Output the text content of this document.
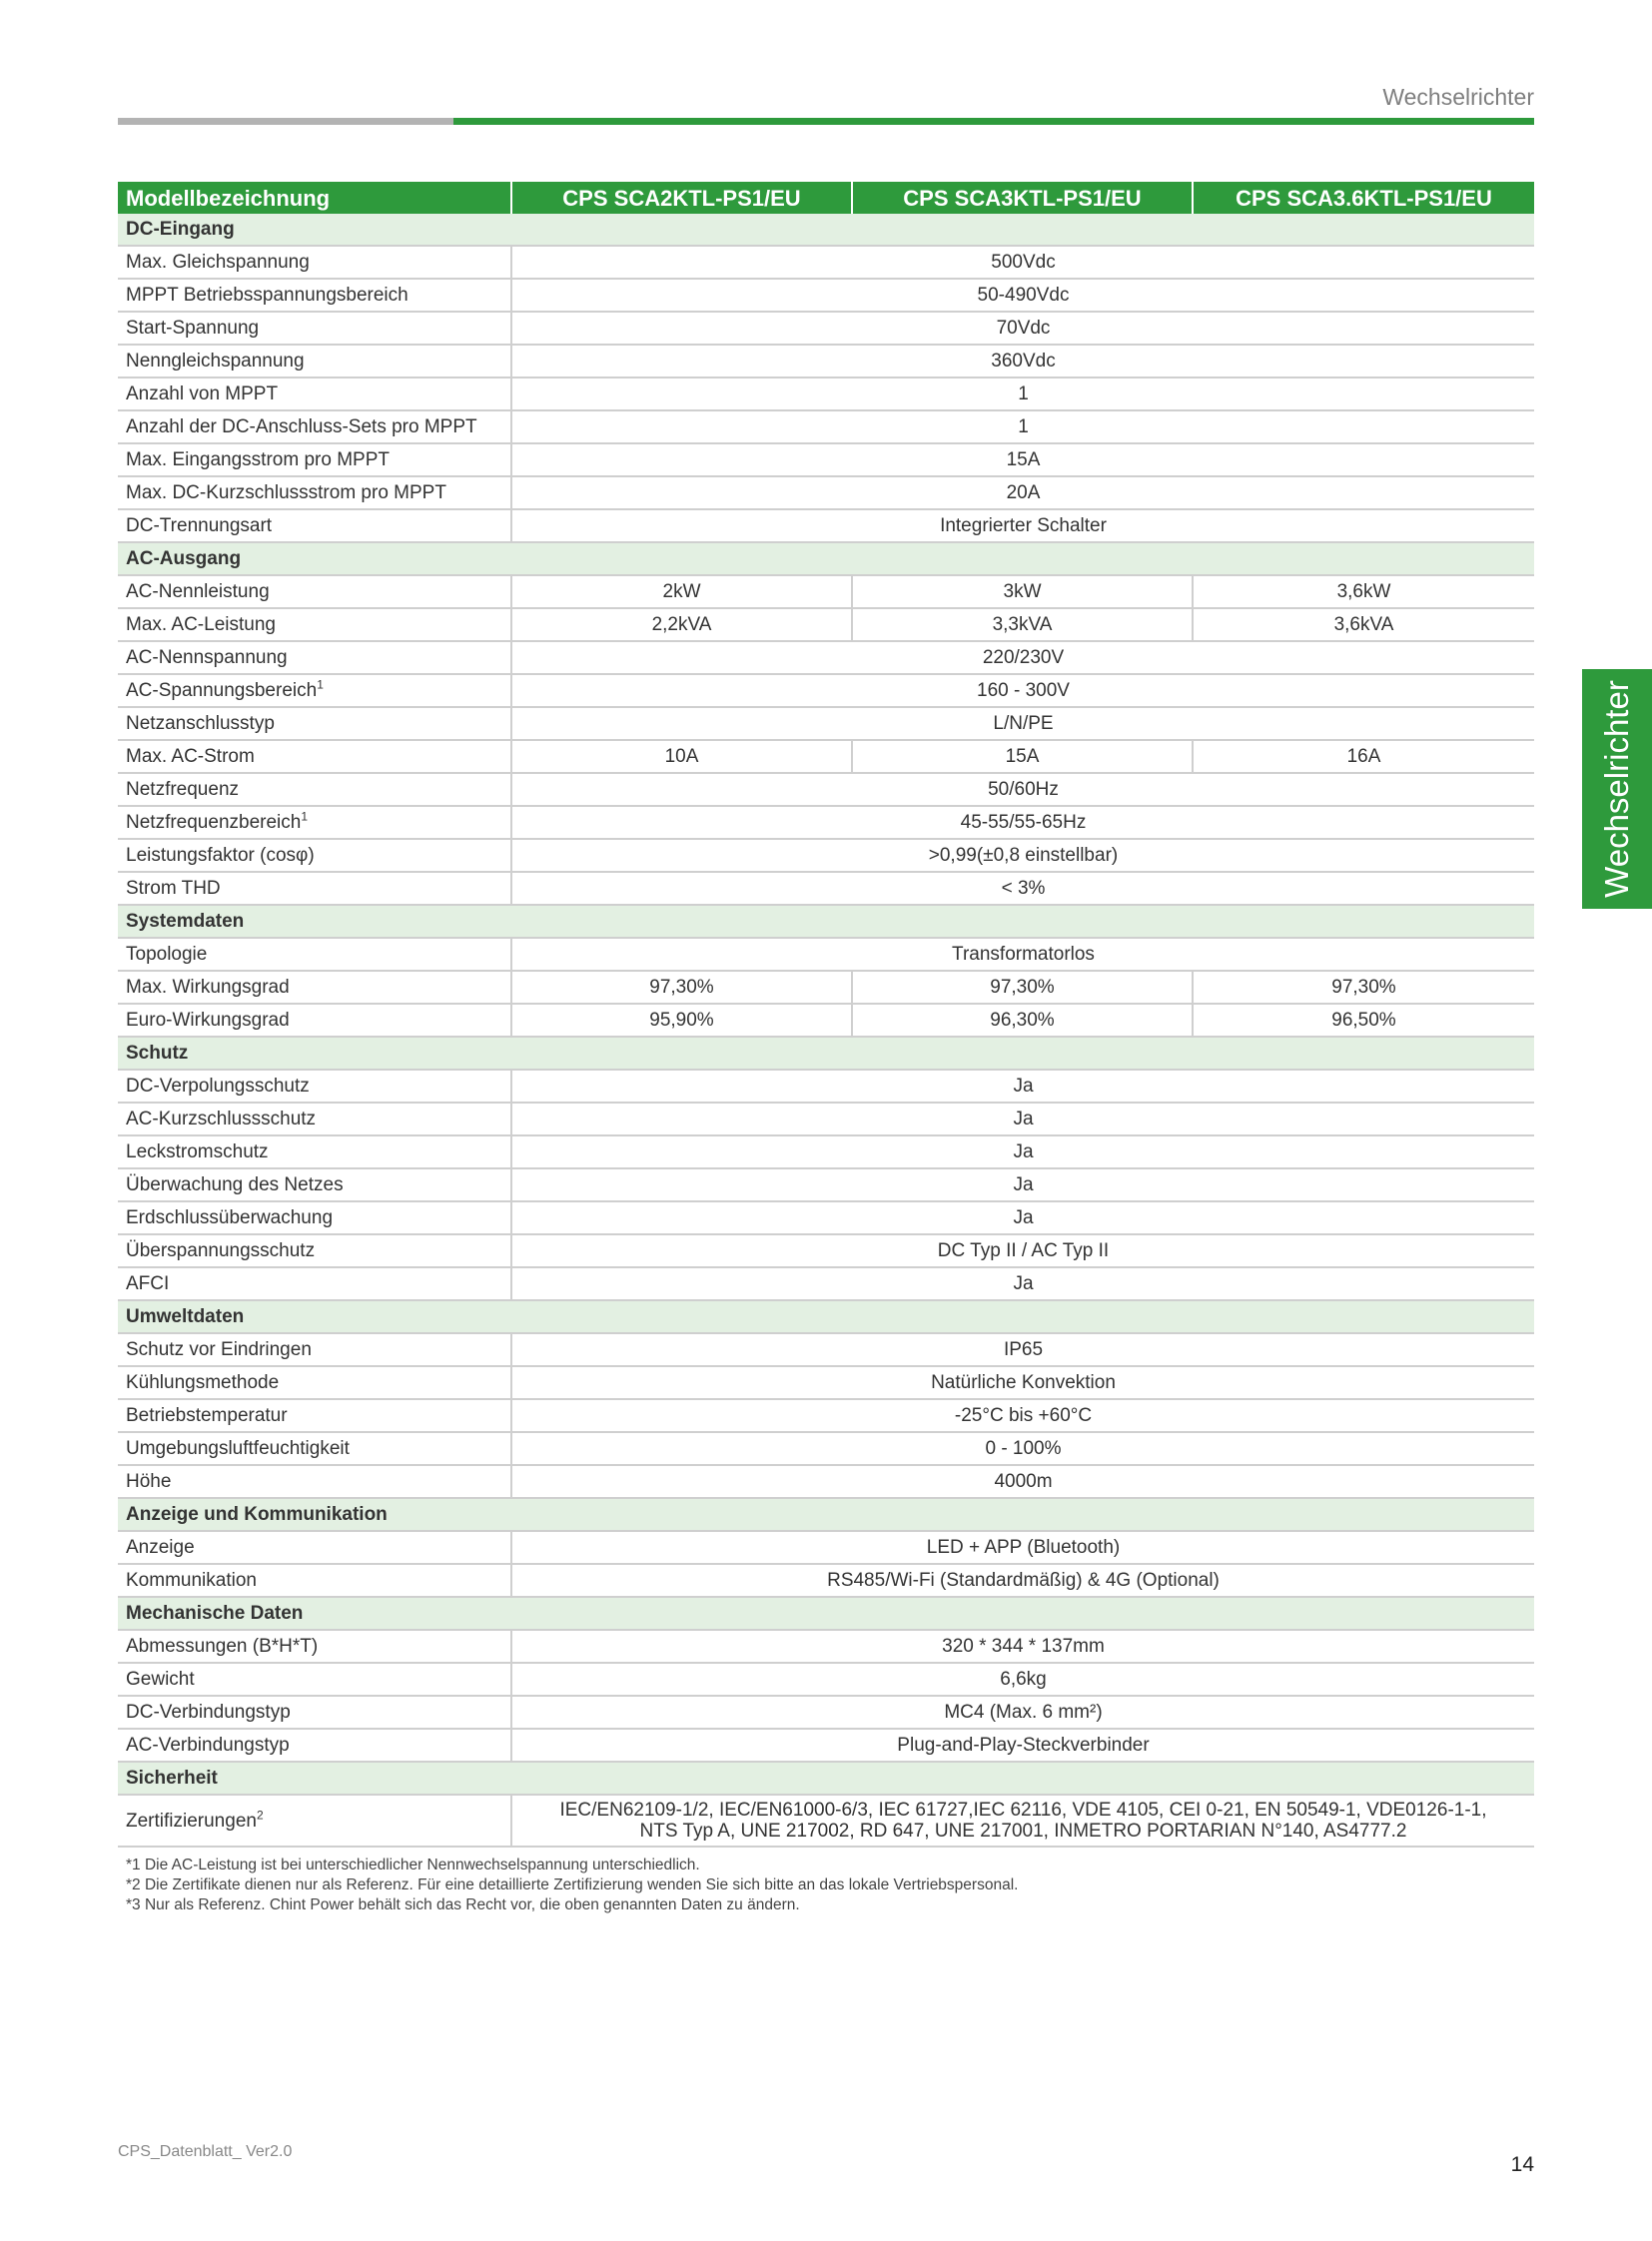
Wechselrichter
Wechselrichter
Modellbezeichnung	CPS SCA2KTL-PS1/EU	CPS SCA3KTL-PS1/EU	CPS SCA3.6KTL-PS1/EU
DC-Eingang			
Max. Gleichspannung	500Vdc		
MPPT Betriebsspannungsbereich	50-490Vdc		
Start-Spannung	70Vdc		
Nenngleichspannung	360Vdc		
Anzahl von MPPT	1		
Anzahl der DC-Anschluss-Sets pro MPPT	1		
Max. Eingangsstrom pro MPPT	15A		
Max. DC-Kurzschlussstrom pro MPPT	20A		
DC-Trennungsart	Integrierter Schalter		
AC-Ausgang			
AC-Nennleistung	2kW	3kW	3,6kW
Max. AC-Leistung	2,2kVA	3,3kVA	3,6kVA
AC-Nennspannung	220/230V		
AC-Spannungsbereich$^1$	160 - 300V		
Netzanschlusstyp	L/N/PE		
Max. AC-Strom	10A	15A	16A
Netzfrequenz	50/60Hz		
Netzfrequenzbereich$^1$	45-55/55-65Hz		
Leistungsfaktor (cosφ)	>0,99(±0,8 einstellbar)		
Strom THD	< 3%		
Systemdaten			
Topologie	Transformatorlos		
Max. Wirkungsgrad	97,30%	97,30%	97,30%
Euro-Wirkungsgrad	95,90%	96,30%	96,50%
Schutz			
DC-Verpolungsschutz	Ja		
AC-Kurzschlussschutz	Ja		
Leckstromschutz	Ja		
Überwachung des Netzes	Ja		
Erdschlussüberwachung	Ja		
Überspannungsschutz	DC Typ II / AC Typ II		
AFCI	Ja		
Umweltdaten			
Schutz vor Eindringen	IP65		
Kühlungsmethode	Natürliche Konvektion		
Betriebstemperatur	-25°C bis +60°C		
Umgebungsluftfeuchtigkeit	0 - 100%		
Höhe	4000m		
Anzeige und Kommunikation			
Anzeige	LED + APP (Bluetooth)		
Kommunikation	RS485/Wi-Fi (Standardmäßig) & 4G (Optional)		
Mechanische Daten			
Abmessungen (B*H*T)	320 * 344 * 137mm		
Gewicht	6,6kg		
DC-Verbindungstyp	MC4 (Max. 6 mm²)		
AC-Verbindungstyp	Plug-and-Play-Steckverbinder		
Sicherheit			
Zertifizierungen$^2$	IEC/EN62109-1/2, IEC/EN61000-6/3, IEC 61727,IEC 62116, VDE 4105, CEI 0-21, EN 50549-1, VDE0126-1-1,
NTS Typ A, UNE 217002, RD 647, UNE 217001, INMETRO PORTARIAN N°140, AS4777.2		
*1 Die AC-Leistung ist bei unterschiedlicher Nennwechselspannung unterschiedlich.
*2 Die Zertifikate dienen nur als Referenz. Für eine detaillierte Zertifizierung wenden Sie sich bitte an das lokale Vertriebspersonal.
*3 Nur als Referenz. Chint Power behält sich das Recht vor, die oben genannten Daten zu ändern.
CPS_Datenblatt_ Ver2.0
14
